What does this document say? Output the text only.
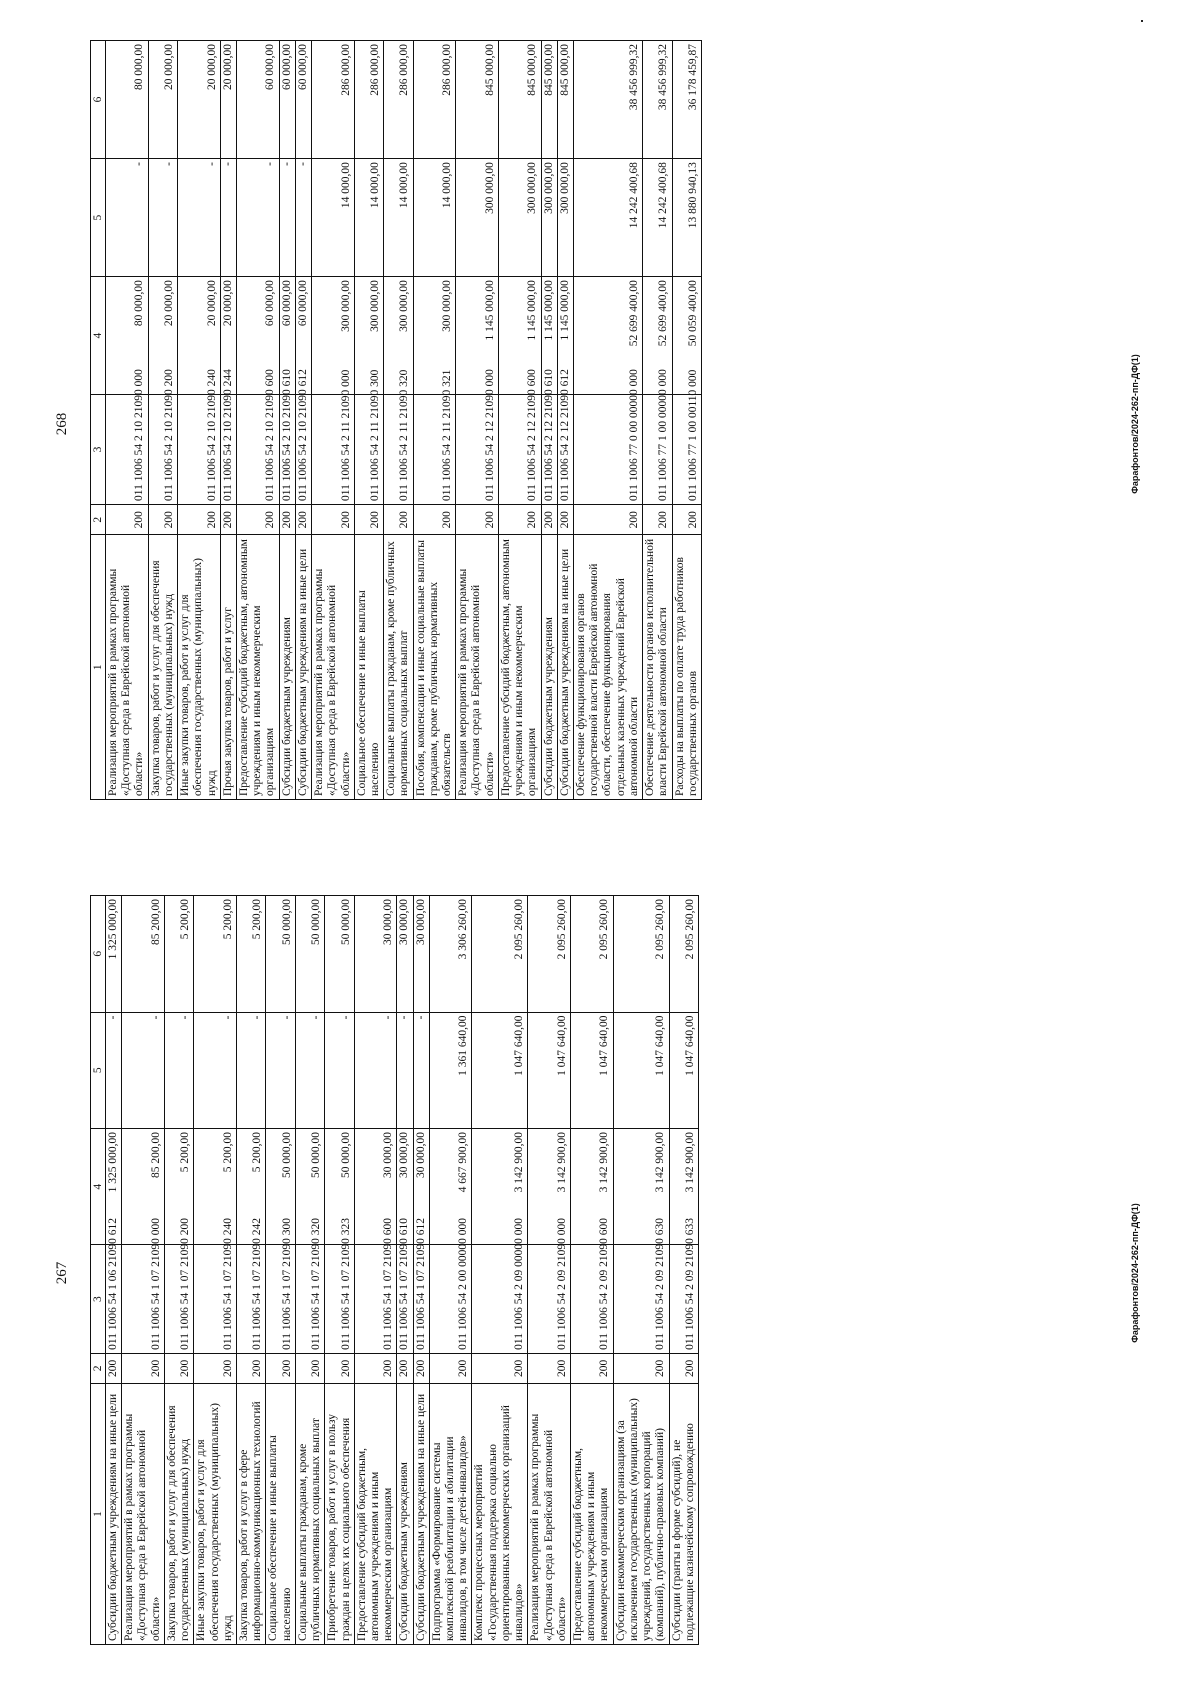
267
1	2	3	4	5	6
Субсидии бюджетным учреждениям на иные цели	200	011 1006 54 1 06 21090 612	1 325 000,00	-	1 325 000,00
Реализация мероприятий в рамках программы «Доступная среда в Еврейской автономной области»	200	011 1006 54 1 07 21090 000	85 200,00	-	85 200,00
Закупка товаров, работ и услуг для обеспечения государственных (муниципальных) нужд	200	011 1006 54 1 07 21090 200	5 200,00	-	5 200,00
Иные закупки товаров, работ и услуг для обеспечения государственных (муниципальных) нужд	200	011 1006 54 1 07 21090 240	5 200,00	-	5 200,00
Закупка товаров, работ и услуг в сфере информационно-коммуникационных технологий	200	011 1006 54 1 07 21090 242	5 200,00	-	5 200,00
Социальное обеспечение и иные выплаты населению	200	011 1006 54 1 07 21090 300	50 000,00	-	50 000,00
Социальные выплаты гражданам, кроме публичных нормативных социальных выплат	200	011 1006 54 1 07 21090 320	50 000,00	-	50 000,00
Приобретение товаров, работ и услуг в пользу граждан в целях их социального обеспечения	200	011 1006 54 1 07 21090 323	50 000,00	-	50 000,00
Предоставление субсидий бюджетным, автономным учреждениям и иным некоммерческим организациям	200	011 1006 54 1 07 21090 600	30 000,00	-	30 000,00
Субсидии бюджетным учреждениям	200	011 1006 54 1 07 21090 610	30 000,00	-	30 000,00
Субсидии бюджетным учреждениям на иные цели	200	011 1006 54 1 07 21090 612	30 000,00	-	30 000,00
Подпрограмма «Формирование системы комплексной реабилитации и абилитации инвалидов, в том числе детей-инвалидов»	200	011 1006 54 2 00 00000 000	4 667 900,00	1 361 640,00	3 306 260,00
Комплекс процессных мероприятий «Государственная поддержка социально ориентированных некоммерческих организаций инвалидов»	200	011 1006 54 2 09 00000 000	3 142 900,00	1 047 640,00	2 095 260,00
Реализация мероприятий в рамках программы «Доступная среда в Еврейской автономной области»	200	011 1006 54 2 09 21090 000	3 142 900,00	1 047 640,00	2 095 260,00
Предоставление субсидий бюджетным, автономным учреждениям и иным некоммерческим организациям	200	011 1006 54 2 09 21090 600	3 142 900,00	1 047 640,00	2 095 260,00
Субсидии некоммерческим организациям (за исключением государственных (муниципальных) учреждений, государственных корпораций (компаний), публично-правовых компаний)	200	011 1006 54 2 09 21090 630	3 142 900,00	1 047 640,00	2 095 260,00
Субсидии (гранты в форме субсидий), не подлежащие казначейскому сопровождению	200	011 1006 54 2 09 21090 633	3 142 900,00	1 047 640,00	2 095 260,00
Фарафонтов/2024-262-пп-ДФ(1)
268
1	2	3	4	5	6
Реализация мероприятий в рамках программы «Доступная среда в Еврейской автономной области»	200	011 1006 54 2 10 21090 000	80 000,00	-	80 000,00
Закупка товаров, работ и услуг для обеспечения государственных (муниципальных) нужд	200	011 1006 54 2 10 21090 200	20 000,00	-	20 000,00
Иные закупки товаров, работ и услуг для обеспечения государственных (муниципальных) нужд	200	011 1006 54 2 10 21090 240	20 000,00	-	20 000,00
Прочая закупка товаров, работ и услуг	200	011 1006 54 2 10 21090 244	20 000,00	-	20 000,00
Предоставление субсидий бюджетным, автономным учреждениям и иным некоммерческим организациям	200	011 1006 54 2 10 21090 600	60 000,00	-	60 000,00
Субсидии бюджетным учреждениям	200	011 1006 54 2 10 21090 610	60 000,00	-	60 000,00
Субсидии бюджетным учреждениям на иные цели	200	011 1006 54 2 10 21090 612	60 000,00	-	60 000,00
Реализация мероприятий в рамках программы «Доступная среда в Еврейской автономной области»	200	011 1006 54 2 11 21090 000	300 000,00	14 000,00	286 000,00
Социальное обеспечение и иные выплаты населению	200	011 1006 54 2 11 21090 300	300 000,00	14 000,00	286 000,00
Социальные выплаты гражданам, кроме публичных нормативных социальных выплат	200	011 1006 54 2 11 21090 320	300 000,00	14 000,00	286 000,00
Пособия, компенсации и иные социальные выплаты гражданам, кроме публичных нормативных обязательств	200	011 1006 54 2 11 21090 321	300 000,00	14 000,00	286 000,00
Реализация мероприятий в рамках программы «Доступная среда в Еврейской автономной области»	200	011 1006 54 2 12 21090 000	1 145 000,00	300 000,00	845 000,00
Предоставление субсидий бюджетным, автономным учреждениям и иным некоммерческим организациям	200	011 1006 54 2 12 21090 600	1 145 000,00	300 000,00	845 000,00
Субсидии бюджетным учреждениям	200	011 1006 54 2 12 21090 610	1 145 000,00	300 000,00	845 000,00
Субсидии бюджетным учреждениям на иные цели	200	011 1006 54 2 12 21090 612	1 145 000,00	300 000,00	845 000,00
Обеспечение функционирования органов государственной власти Еврейской автономной области, обеспечение функционирования отдельных казенных учреждений Еврейской автономной области	200	011 1006 77 0 00 00000 000	52 699 400,00	14 242 400,68	38 456 999,32
Обеспечение деятельности органов исполнительной власти Еврейской автономной области	200	011 1006 77 1 00 00000 000	52 699 400,00	14 242 400,68	38 456 999,32
Расходы на выплаты по оплате труда работников государственных органов	200	011 1006 77 1 00 00110 000	50 059 400,00	13 880 940,13	36 178 459,87
Фарафонтов/2024-262-пп-ДФ(1)
